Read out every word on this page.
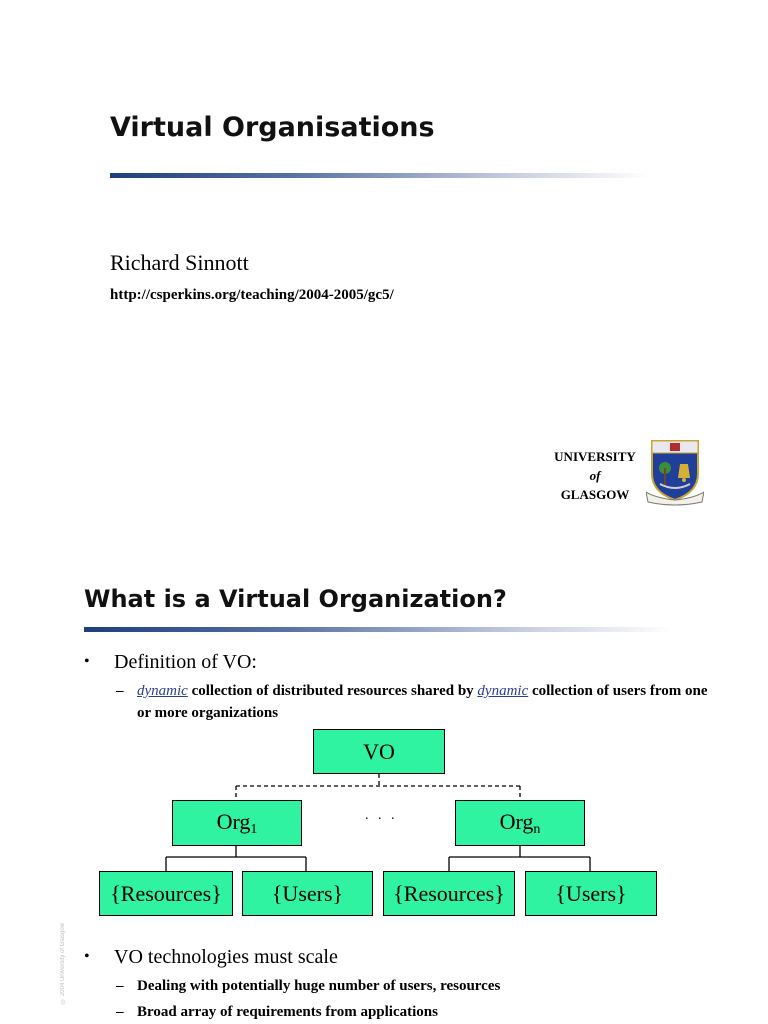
Virtual Organisations
Richard Sinnott
http://csperkins.org/teaching/2004-2005/gc5/
UNIVERSITY
of
GLASGOW
What is a Virtual Organization?
• Definition of VO:
– dynamic collection of distributed resources shared by dynamic collection of users from one or more organizations
VO
Org$_1$
. . .	Org$_n$
{Resources} {Users} {Resources} {Users}
• VO technologies must scale
– Dealing with potentially huge number of users, resources
– Broad array of requirements from applications
© 2004 University of Glasgow
